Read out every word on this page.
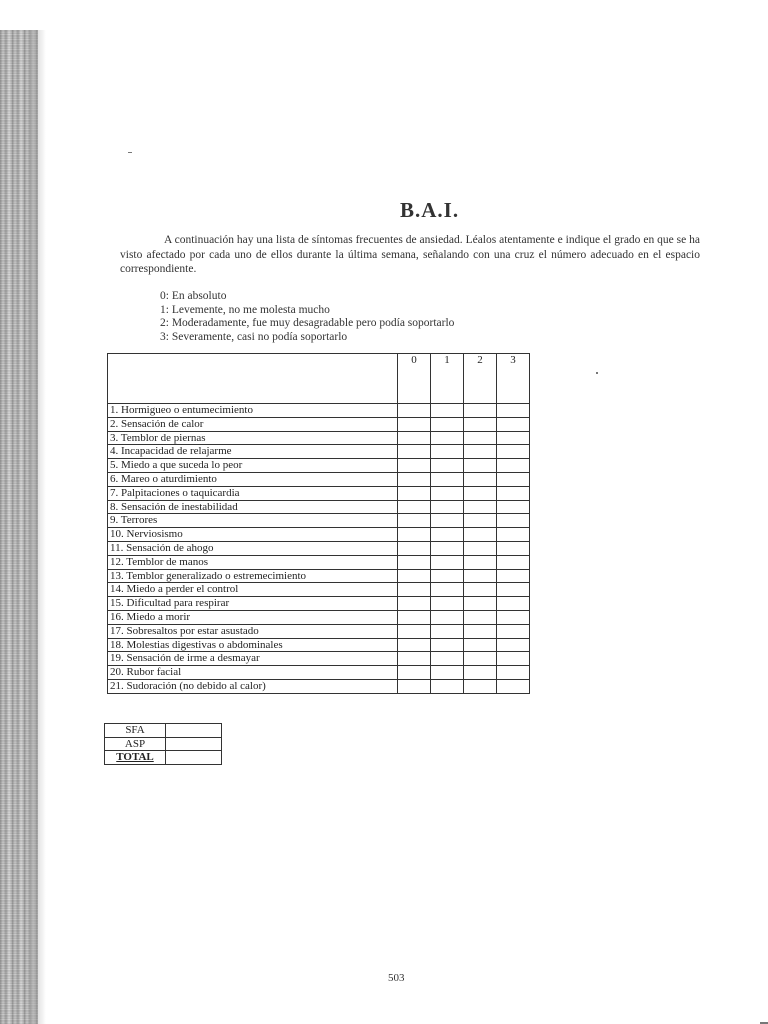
B.A.I.
A continuación hay una lista de síntomas frecuentes de ansiedad. Léalos atentamente e indique el grado en que se ha visto afectado por cada uno de ellos durante la última semana, señalando con una cruz el número adecuado en el espacio correspondiente.
0: En absoluto
1: Levemente, no me molesta mucho
2: Moderadamente, fue muy desagradable pero podía soportarlo
3: Severamente, casi no podía soportarlo
	0	1	2	3
1. Hormigueo o entumecimiento				
2. Sensación de calor				
3. Temblor de piernas				
4. Incapacidad de relajarme				
5. Miedo a que suceda lo peor				
6. Mareo o aturdimiento				
7. Palpitaciones o taquicardia				
8. Sensación de inestabilidad				
9. Terrores				
10. Nerviosismo				
11. Sensación de ahogo				
12. Temblor de manos				
13. Temblor generalizado o estremecimiento				
14. Miedo a perder el control				
15. Dificultad para respirar				
16. Miedo a morir				
17. Sobresaltos por estar asustado				
18. Molestias digestivas o abdominales				
19. Sensación de irme a desmayar				
20. Rubor facial				
21. Sudoración (no debido al calor)				
SFA	
ASP	
TOTAL	
503
